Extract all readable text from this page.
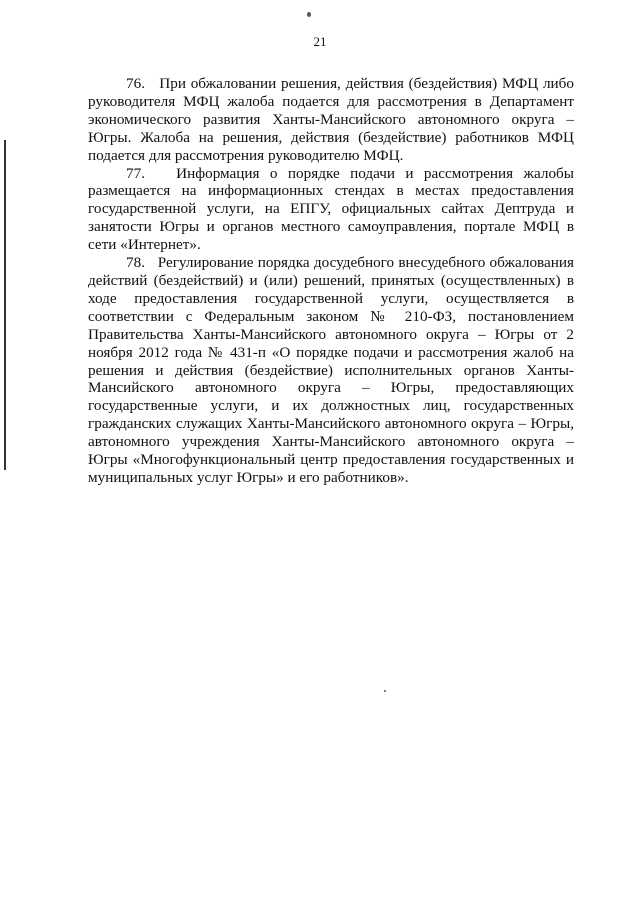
21

76.   При обжаловании решения, действия (бездействия) МФЦ либо руководителя МФЦ жалоба подается для рассмотрения в Департамент экономического развития Ханты-Мансийского автономного округа – Югры. Жалоба на решения, действия (бездействие) работников МФЦ подается для рассмотрения руководителю МФЦ.

77.   Информация о порядке подачи и рассмотрения жалобы размещается на информационных стендах в местах предоставления государственной услуги, на ЕПГУ, официальных сайтах Дептруда и занятости Югры и органов местного самоуправления, портале МФЦ в сети «Интернет».

78.   Регулирование порядка досудебного внесудебного обжалования действий (бездействий) и (или) решений, принятых (осуществленных) в ходе предоставления государственной услуги, осуществляется в соответствии с Федеральным законом № 210-ФЗ, постановлением Правительства Ханты-Мансийского автономного округа – Югры от 2 ноября 2012 года № 431-п «О порядке подачи и рассмотрения жалоб на решения и действия (бездействие) исполнительных органов Ханты-Мансийского автономного округа – Югры, предоставляющих государственные услуги, и их должностных лиц, государственных гражданских служащих Ханты-Мансийского автономного округа – Югры, автономного учреждения Ханты-Мансийского автономного округа – Югры «Многофункциональный центр предоставления государственных и муниципальных услуг Югры» и его работников».
